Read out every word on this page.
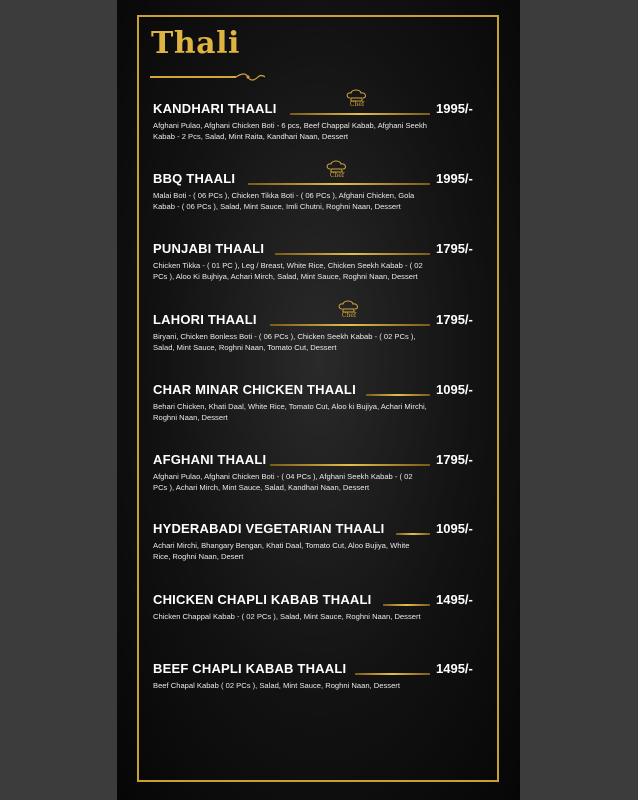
Thali
KANDHARI THAALI	1995/-
Afghani Pulao, Afghani Chicken Boti - 6 pcs, Beef Chappal Kabab, Afghani Seekh Kabab - 2 Pcs, Salad, Mint Raita, Kandhari Naan, Dessert
BBQ THAALI	1995/-
Malai Boti - ( 06 PCs ), Chicken Tikka Boti - ( 06 PCs ), Afghani Chicken, Gola Kabab - ( 06 PCs ), Salad, Mint Sauce, Imli Chutni, Roghni Naan, Dessert
PUNJABI THAALI	1795/-
Chicken Tikka - ( 01 PC ), Leg / Breast, White Rice, Chicken Seekh Kabab - ( 02 PCs ), Aloo Ki Bujhiya, Achari Mirch, Salad, Mint Sauce, Roghni Naan, Dessert
LAHORI THAALI	1795/-
Biryani, Chicken Bonless Boti - ( 06 PCs ), Chicken Seekh Kabab - ( 02 PCs ), Salad, Mint Sauce, Roghni Naan, Tomato Cut, Dessert
CHAR MINAR CHICKEN THAALI	1095/-
Behari Chicken, Khati Daal, White Rice, Tomato Cut, Aloo ki Bujiya, Achari Mirchi, Roghni Naan, Dessert
AFGHANI THAALI	1795/-
Afghani Pulao, Afghani Chicken Boti - ( 04 PCs ), Afghani Seekh Kabab - ( 02 PCs ), Achari Mirch, Mint Sauce, Salad, Kandhari Naan, Dessert
HYDERABADI VEGETARIAN THAALI	1095/-
Achari Mirchi, Bhangary Bengan, Khati Daal, Tomato Cut, Aloo Bujiya, White Rice, Roghni Naan, Desert
CHICKEN CHAPLI KABAB THAALI	1495/-
Chicken Chappal Kabab - ( 02 PCs ), Salad, Mint Sauce, Roghni Naan, Dessert
BEEF CHAPLI KABAB THAALI	1495/-
Beef Chapal Kabab ( 02 PCs ), Salad, Mint Sauce, Roghni Naan, Dessert
Chef
Chef
Chef
